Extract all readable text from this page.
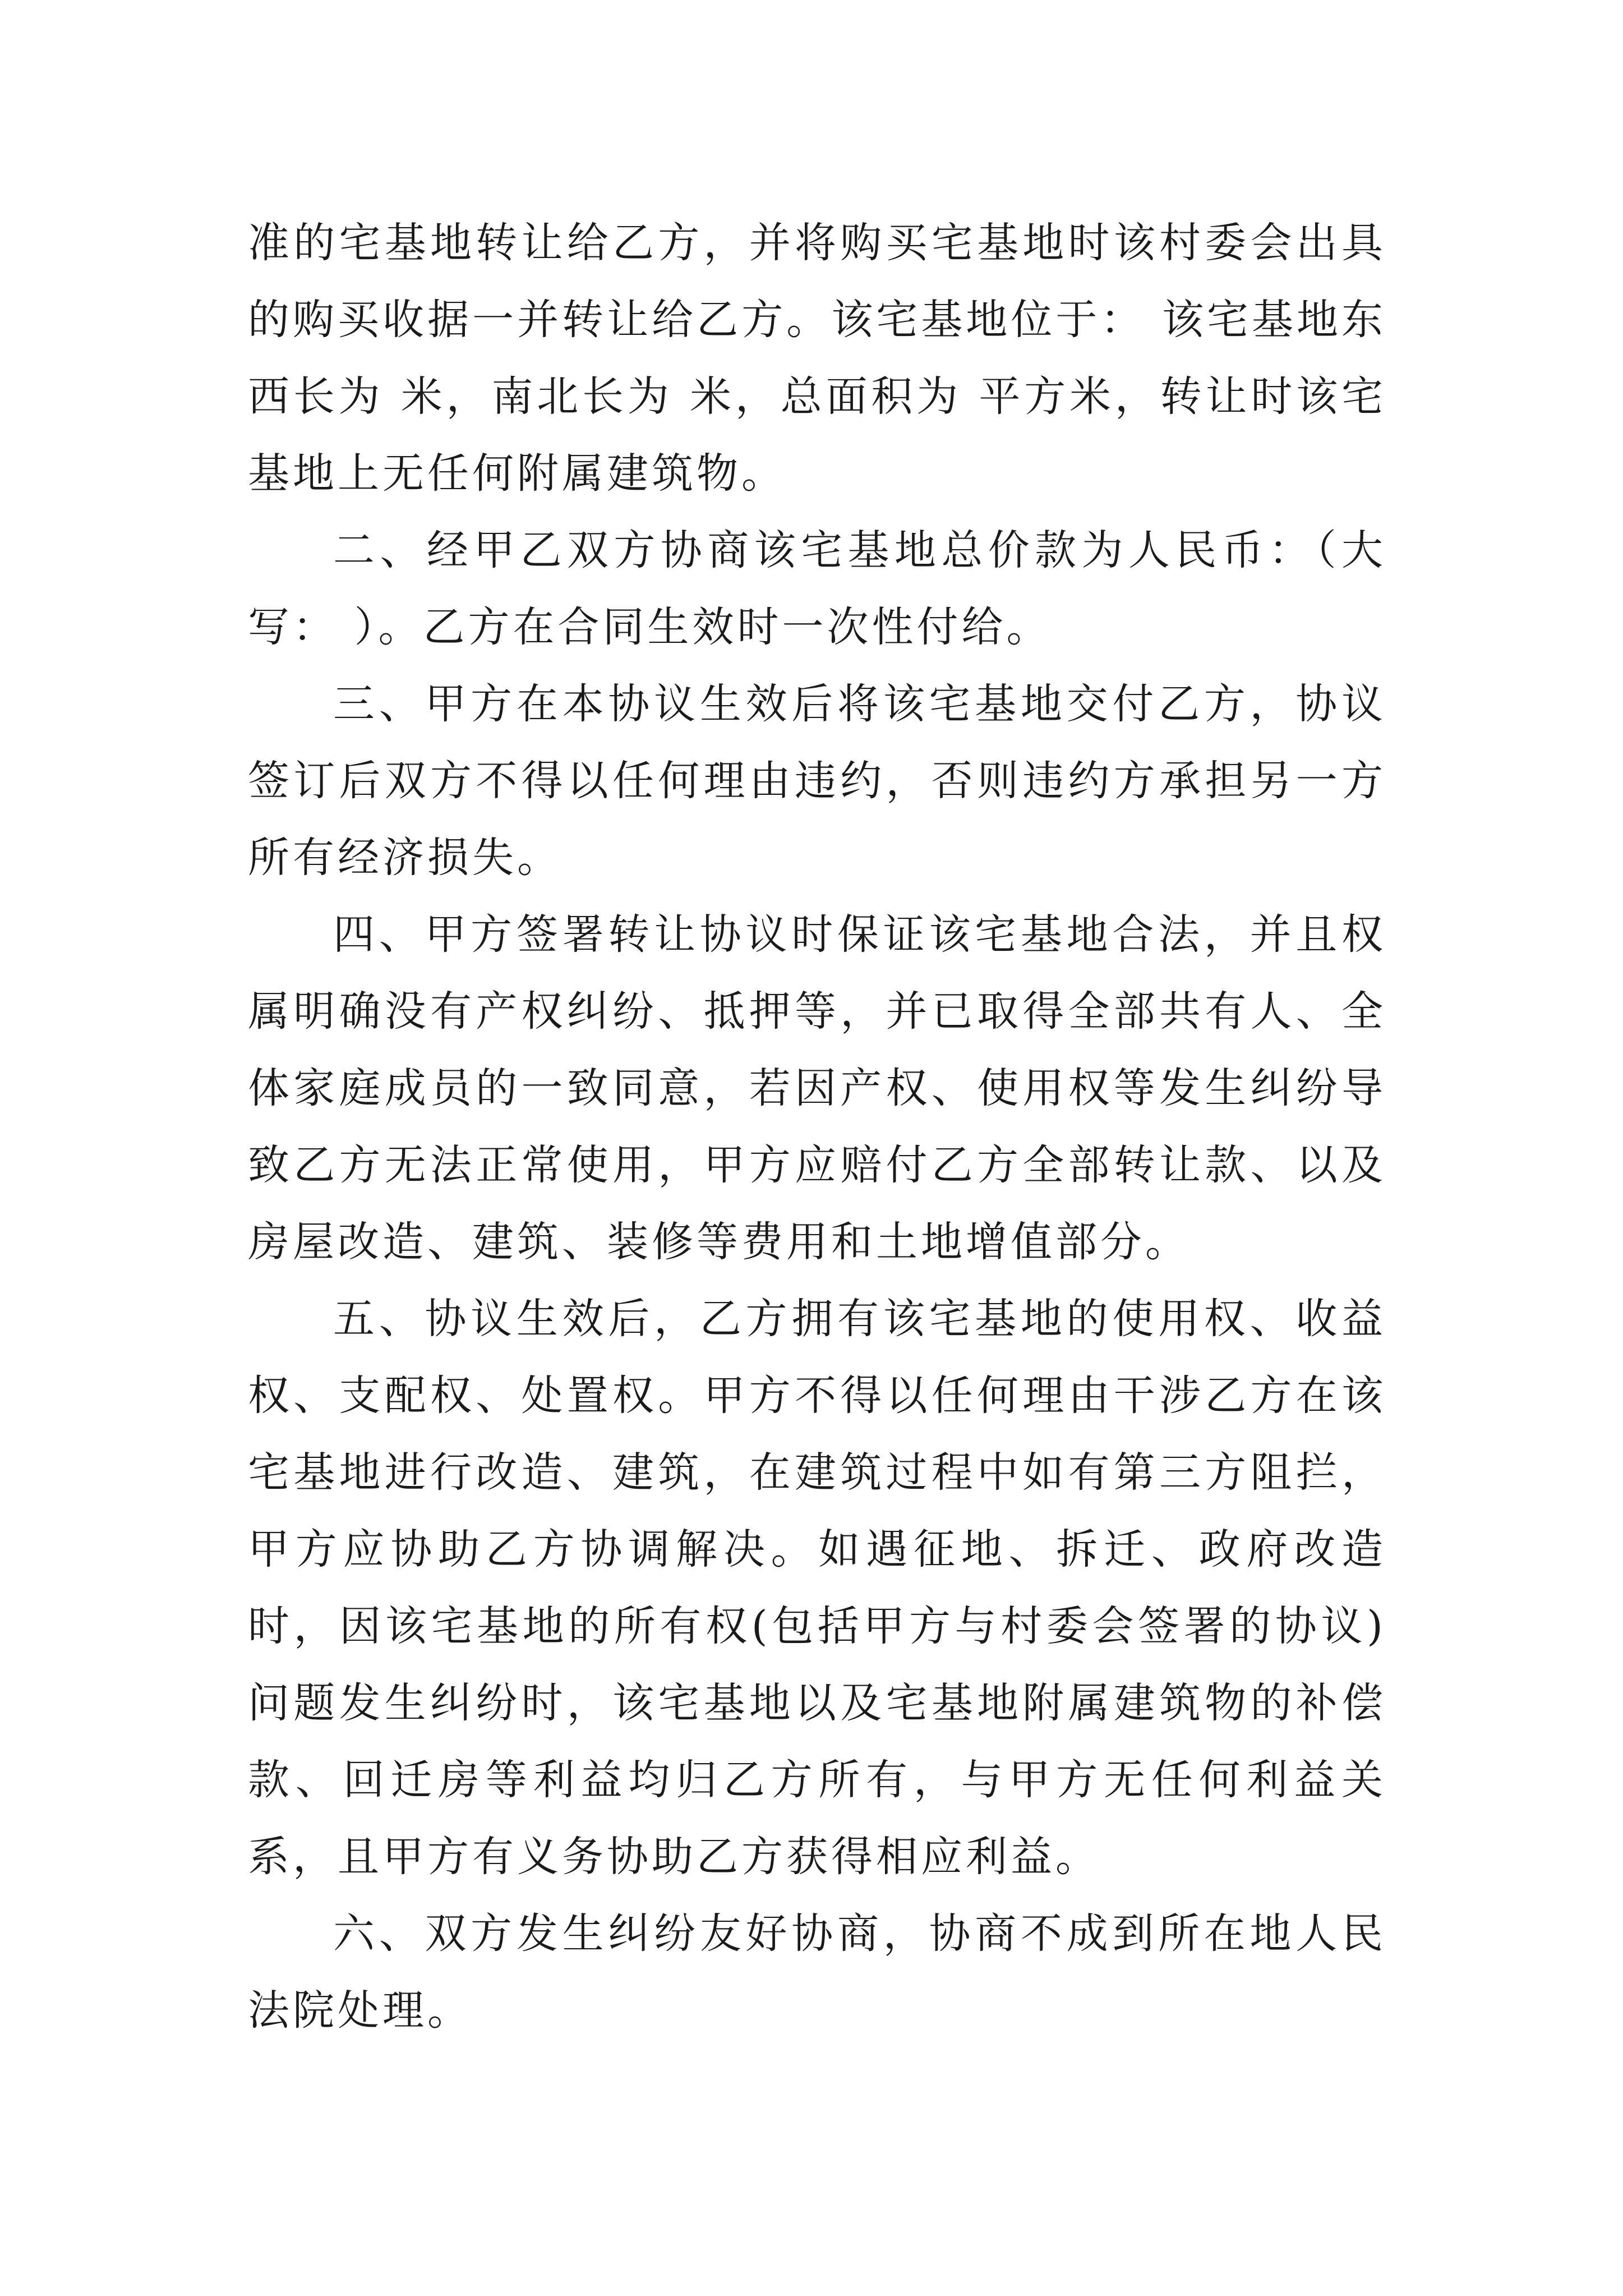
准的宅基地转让给乙方，并将购买宅基地时该村委会出具的购买收据一并转让给乙方。该宅基地位于： 该宅基地东西长为 米，南北长为 米，总面积为 平方米，转让时该宅基地上无任何附属建筑物。

二、经甲乙双方协商该宅基地总价款为人民币：（大写： ）。乙方在合同生效时一次性付给。

三、甲方在本协议生效后将该宅基地交付乙方，协议签订后双方不得以任何理由违约，否则违约方承担另一方所有经济损失。

四、甲方签署转让协议时保证该宅基地合法，并且权属明确没有产权纠纷、抵押等，并已取得全部共有人、全体家庭成员的一致同意，若因产权、使用权等发生纠纷导致乙方无法正常使用，甲方应赔付乙方全部转让款、以及房屋改造、建筑、装修等费用和土地增值部分。

五、协议生效后，乙方拥有该宅基地的使用权、收益权、支配权、处置权。甲方不得以任何理由干涉乙方在该宅基地进行改造、建筑，在建筑过程中如有第三方阻拦，甲方应协助乙方协调解决。如遇征地、拆迁、政府改造时，因该宅基地的所有权(包括甲方与村委会签署的协议)问题发生纠纷时，该宅基地以及宅基地附属建筑物的补偿款、回迁房等利益均归乙方所有，与甲方无任何利益关系，且甲方有义务协助乙方获得相应利益。

六、双方发生纠纷友好协商，协商不成到所在地人民法院处理。
